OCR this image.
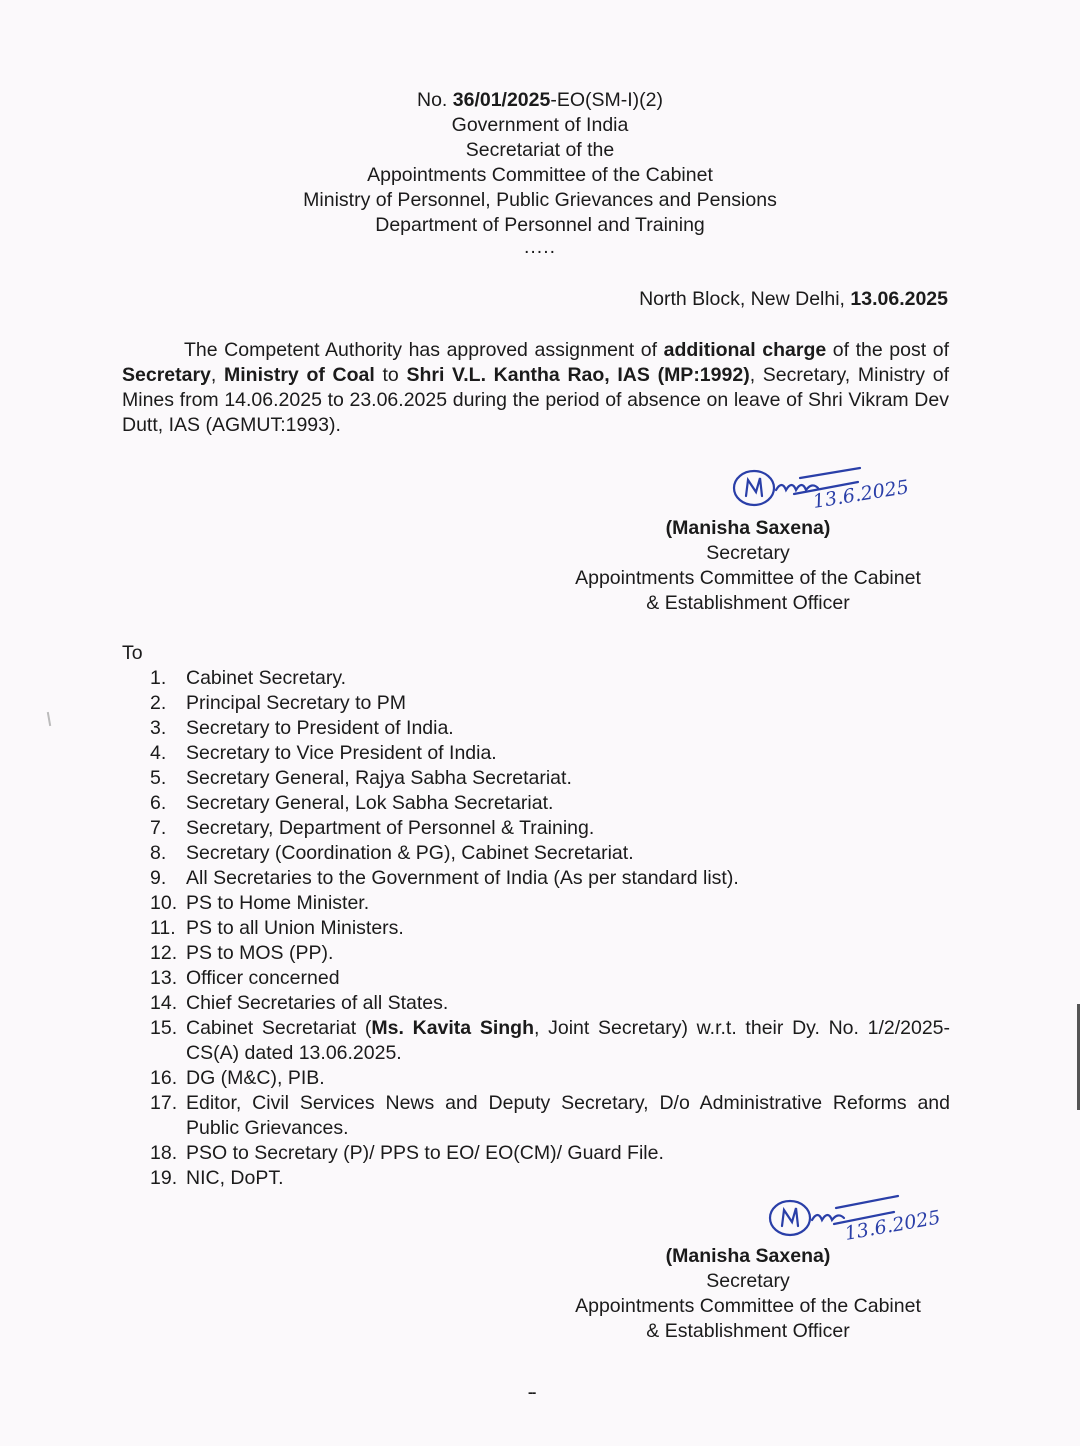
No. 36/01/2025-EO(SM-I)(2)
Government of India
Secretariat of the
Appointments Committee of the Cabinet
Ministry of Personnel, Public Grievances and Pensions
Department of Personnel and Training
.....
North Block, New Delhi, 13.06.2025
The Competent Authority has approved assignment of additional charge of the post of Secretary, Ministry of Coal to Shri V.L. Kantha Rao, IAS (MP:1992), Secretary, Ministry of Mines from 14.06.2025 to 23.06.2025 during the period of absence on leave of Shri Vikram Dev Dutt, IAS (AGMUT:1993).
13.6.2025
(Manisha Saxena)
Secretary
Appointments Committee of the Cabinet
& Establishment Officer
To
1. Cabinet Secretary.
2. Principal Secretary to PM
3. Secretary to President of India.
4. Secretary to Vice President of India.
5. Secretary General, Rajya Sabha Secretariat.
6. Secretary General, Lok Sabha Secretariat.
7. Secretary, Department of Personnel & Training.
8. Secretary (Coordination & PG), Cabinet Secretariat.
9. All Secretaries to the Government of India (As per standard list).
10. PS to Home Minister.
11. PS to all Union Ministers.
12. PS to MOS (PP).
13. Officer concerned
14. Chief Secretaries of all States.
15. Cabinet Secretariat (Ms. Kavita Singh, Joint Secretary) w.r.t. their Dy. No. 1/2/2025-CS(A) dated 13.06.2025.
16. DG (M&C), PIB.
17. Editor, Civil Services News and Deputy Secretary, D/o Administrative Reforms and Public Grievances.
18. PSO to Secretary (P)/ PPS to EO/ EO(CM)/ Guard File.
19. NIC, DoPT.
13.6.2025
(Manisha Saxena)
Secretary
Appointments Committee of the Cabinet
& Establishment Officer
--
